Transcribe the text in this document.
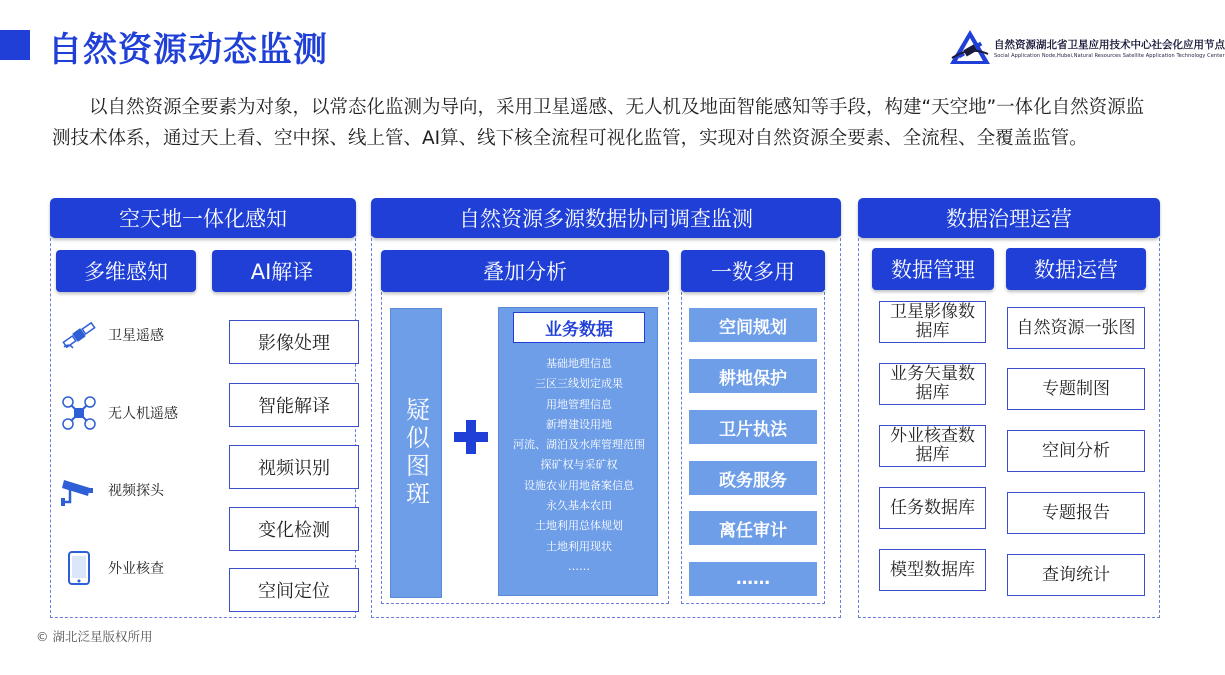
自然资源动态监测	自然资源湖北省卫星应用技术中心社会化应用节点
Social Application Node,Hubei,Natural Resources Satellite Application Technology Center
以自然资源全要素为对象，以常态化监测为导向，采用卫星遥感、无人机及地面智能感知等手段，构建“天空地”一体化自然资源监测技术体系，通过天上看、空中探、线上管、AI算、线下核全流程可视化监管，实现对自然资源全要素、全流程、全覆盖监管。
空天地一体化感知
多维感知	AI解译
卫星遥感
无人机遥感
视频探头
外业核查
影像处理
智能解译
视频识别
变化检测
空间定位
自然资源多源数据协同调查监测
叠加分析	一数多用
疑似图斑
业务数据
基础地理信息
三区三线划定成果
用地管理信息
新增建设用地
河流、湖泊及水库管理范围
探矿权与采矿权
设施农业用地备案信息
永久基本农田
土地利用总体规划
土地利用现状
……
空间规划
耕地保护
卫片执法
政务服务
离任审计
……
数据治理运营
数据管理	数据运营
卫星影像数据库
业务矢量数据库
外业核查数据库
任务数据库
模型数据库
自然资源一张图
专题制图
空间分析
专题报告
查询统计
© 湖北泛星版权所用
